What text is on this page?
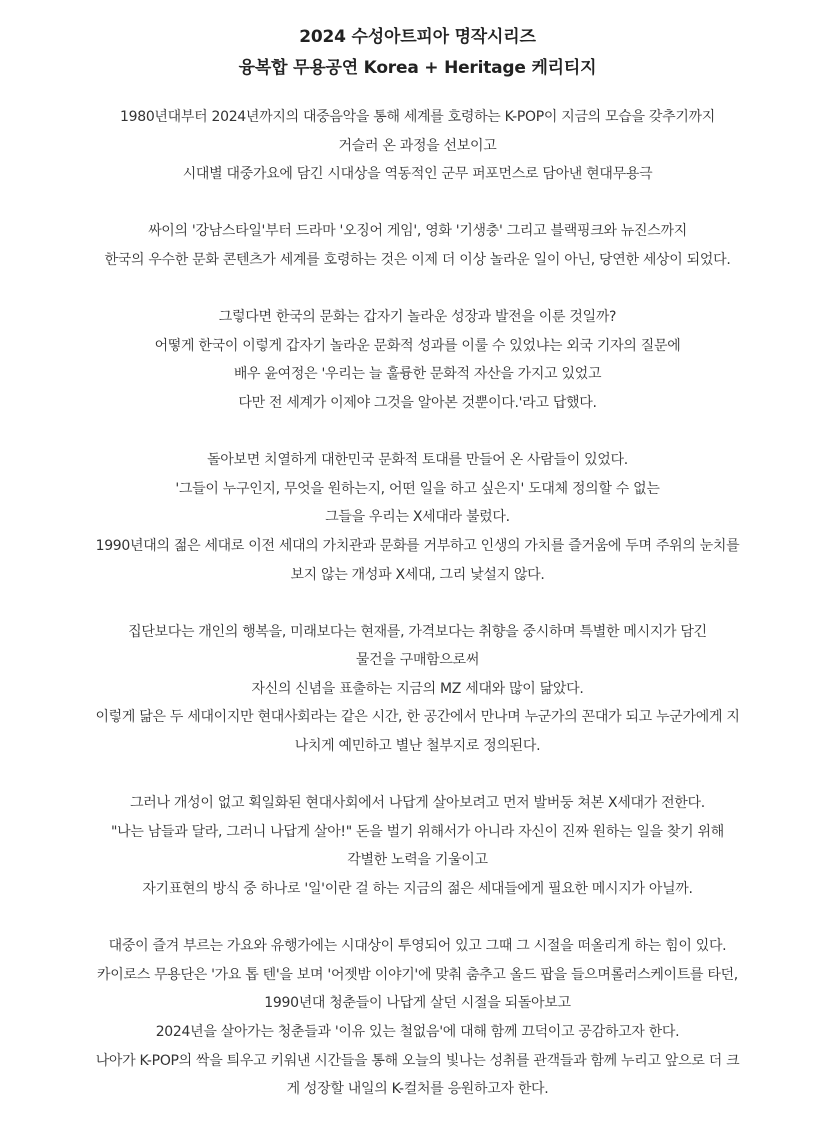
2024 수성아트피아 명작시리즈
융복합 무용공연 Korea + Heritage 케리티지

1980년대부터 2024년까지의 대중음악을 통해 세계를 호령하는 K-POP이 지금의 모습을 갖추기까지
거슬러 온 과정을 선보이고
시대별 대중가요에 담긴 시대상을 역동적인 군무 퍼포먼스로 담아낸 현대무용극

싸이의 '강남스타일'부터 드라마 '오징어 게임', 영화 '기생충' 그리고 블랙핑크와 뉴진스까지
한국의 우수한 문화 콘텐츠가 세계를 호령하는 것은 이제 더 이상 놀라운 일이 아닌, 당연한 세상이 되었다.

그렇다면 한국의 문화는 갑자기 놀라운 성장과 발전을 이룬 것일까?
어떻게 한국이 이렇게 갑자기 놀라운 문화적 성과를 이룰 수 있었냐는 외국 기자의 질문에
배우 윤여정은 '우리는 늘 훌륭한 문화적 자산을 가지고 있었고
다만 전 세계가 이제야 그것을 알아본 것뿐이다.'라고 답했다.

돌아보면 치열하게 대한민국 문화적 토대를 만들어 온 사람들이 있었다.
'그들이 누구인지, 무엇을 원하는지, 어떤 일을 하고 싶은지' 도대체 정의할 수 없는
그들을 우리는 X세대라 불렀다.
1990년대의 젊은 세대로 이전 세대의 가치관과 문화를 거부하고 인생의 가치를 즐거움에 두며 주위의 눈치를
보지 않는 개성파 X세대, 그리 낯설지 않다.

집단보다는 개인의 행복을, 미래보다는 현재를, 가격보다는 취향을 중시하며 특별한 메시지가 담긴
물건을 구매함으로써
자신의 신념을 표출하는 지금의 MZ 세대와 많이 닮았다.
이렇게 닮은 두 세대이지만 현대사회라는 같은 시간, 한 공간에서 만나며 누군가의 꼰대가 되고 누군가에게 지
나치게 예민하고 별난 철부지로 정의된다.

그러나 개성이 없고 획일화된 현대사회에서 나답게 살아보려고 먼저 발버둥 쳐본 X세대가 전한다.
"나는 남들과 달라, 그러니 나답게 살아!" 돈을 벌기 위해서가 아니라 자신이 진짜 원하는 일을 찾기 위해
각별한 노력을 기울이고
자기표현의 방식 중 하나로 '일'이란 걸 하는 지금의 젊은 세대들에게 필요한 메시지가 아닐까.

대중이 즐겨 부르는 가요와 유행가에는 시대상이 투영되어 있고 그때 그 시절을 떠올리게 하는 힘이 있다.
카이로스 무용단은 '가요 톱 텐'을 보며 '어젯밤 이야기'에 맞춰 춤추고 올드 팝을 들으며롤러스케이트를 타던,
1990년대 청춘들이 나답게 살던 시절을 되돌아보고
2024년을 살아가는 청춘들과 '이유 있는 철없음'에 대해 함께 끄덕이고 공감하고자 한다.
나아가 K-POP의 싹을 틔우고 키워낸 시간들을 통해 오늘의 빛나는 성취를 관객들과 함께 누리고 앞으로 더 크
게 성장할 내일의 K-컬처를 응원하고자 한다.
